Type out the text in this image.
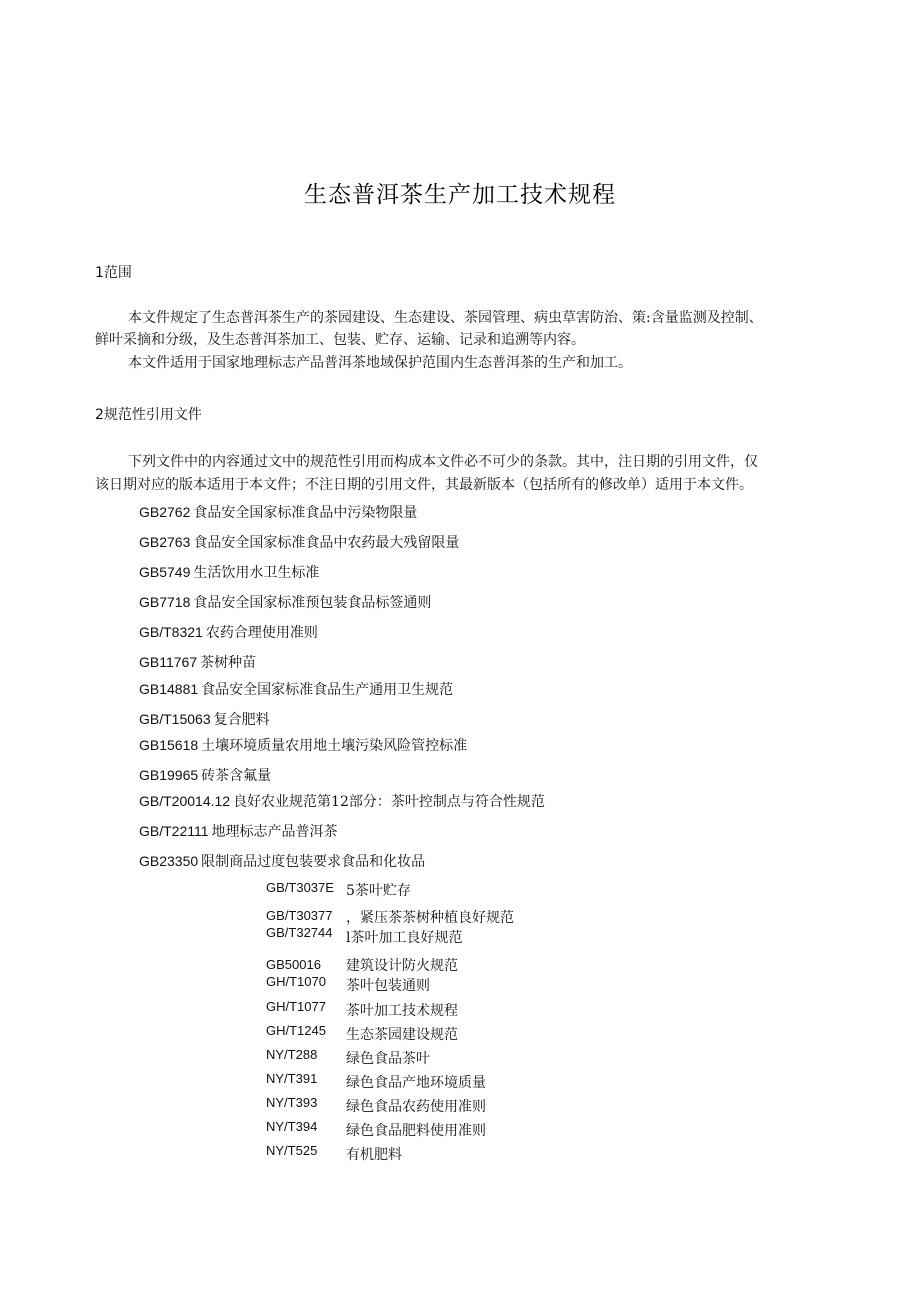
生态普洱茶生产加工技术规程
1范围
本文件规定了生态普洱茶生产的茶园建设、生态建设、茶园管理、病虫草害防治、策:含量监测及控制、
鲜叶采摘和分级，及生态普洱茶加工、包装、贮存、运输、记录和追溯等内容。
本文件适用于国家地理标志产品普洱茶地域保护范围内生态普洱茶的生产和加工。
2规范性引用文件
下列文件中的内容通过文中的规范性引用而构成本文件必不可少的条款。其中，注日期的引用文件，仅
该日期对应的版本适用于本文件；不注日期的引用文件，其最新版本（包括所有的修改单）适用于本文件。
GB2762 食品安全国家标准食品中污染物限量
GB2763 食品安全国家标准食品中农药最大残留限量
GB5749 生活饮用水卫生标准
GB7718 食品安全国家标准预包装食品标签通则
GB/T8321 农药合理使用准则
GB11767 茶树种苗
GB14881 食品安全国家标准食品生产通用卫生规范
GB/T15063 复合肥料
GB15618 土壤环境质量农用地土壤污染风险管控标准
GB19965 砖茶含氟量
GB/T20014.12 良好农业规范第12部分：茶叶控制点与符合性规范
GB/T22111 地理标志产品普洱茶
GB23350 限制商品过度包装要求食品和化妆品
GB/T3037E 5茶叶贮存
GB/T30377 ，紧压茶茶树种植良好规范
GB/T32744 l茶叶加工良好规范
GB50016 建筑设计防火规范
GH/T1070 茶叶包装通则
GH/T1077 茶叶加工技术规程
GH/T1245 生态茶园建设规范
NY/T288 绿色食品茶叶
NY/T391 绿色食品产地环境质量
NY/T393 绿色食品农药使用准则
NY/T394 绿色食品肥料使用准则
NY/T525 有机肥料
